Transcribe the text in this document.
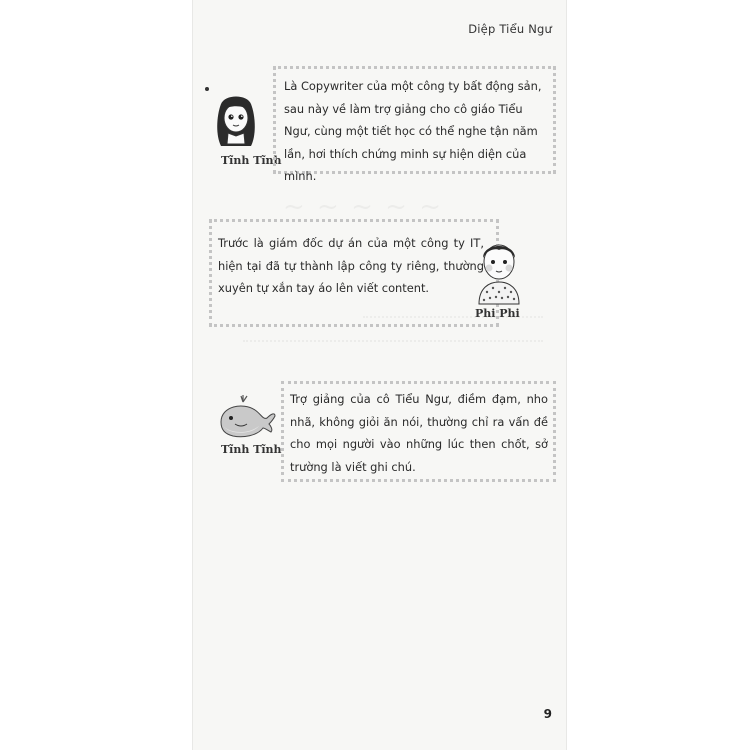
Diệp Tiểu Ngư
~ ~ ~ ~ ~
Tĩnh Tĩnh

Là Copywriter của một công ty bất động sản, sau này về làm trợ giảng cho cô giáo Tiểu Ngư, cùng một tiết học có thể nghe tận năm lần, hơi thích chứng minh sự hiện diện của mình.

Trước là giám đốc dự án của một công ty IT, hiện tại đã tự thành lập công ty riêng, thường xuyên tự xắn tay áo lên viết content.

Phi Phi
Tĩnh Tĩnh

Trợ giảng của cô Tiểu Ngư, điềm đạm, nho nhã, không giỏi ăn nói, thường chỉ ra vấn đề cho mọi người vào những lúc then chốt, sở trường là viết ghi chú.

9
